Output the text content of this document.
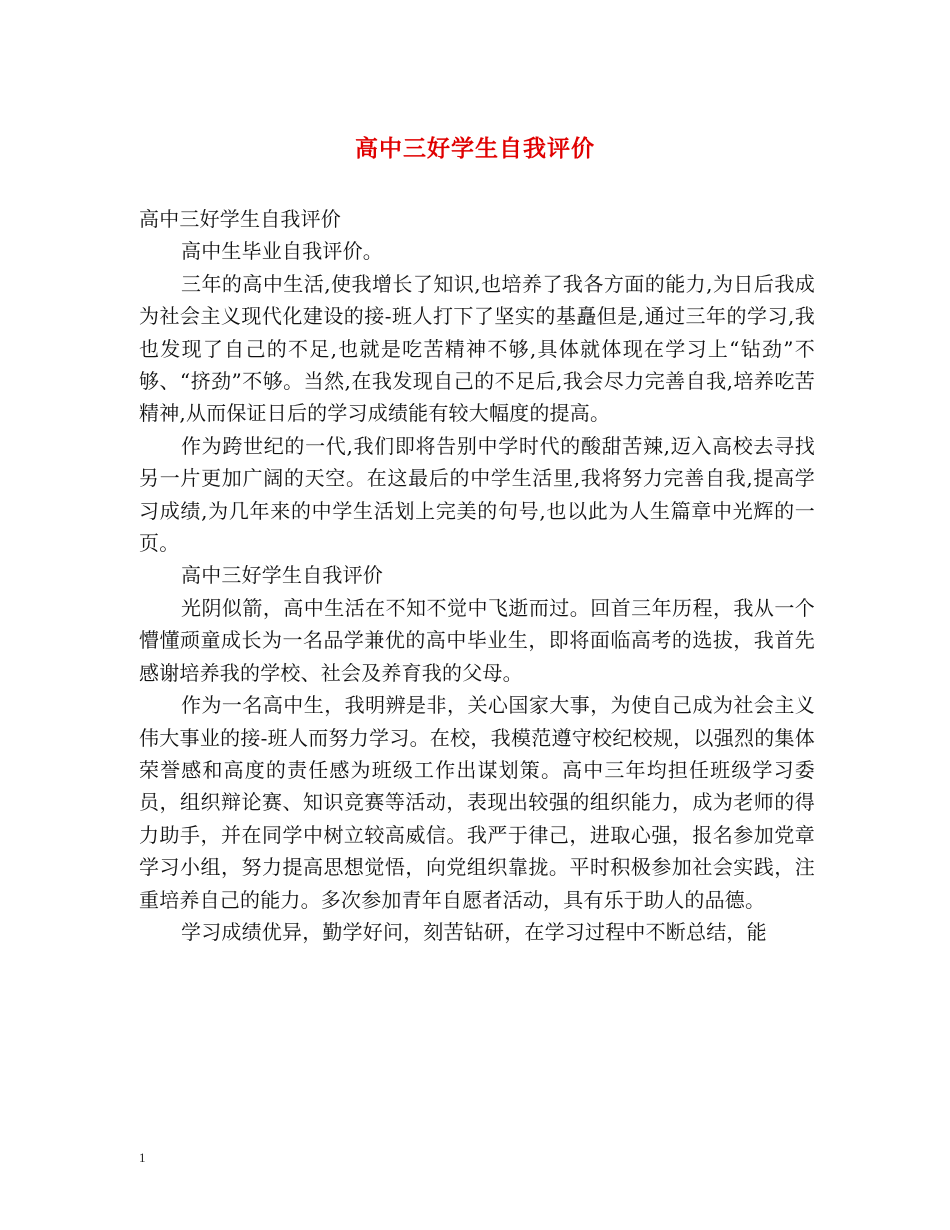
高中三好学生自我评价

高中三好学生自我评价

高中生毕业自我评价。

三年的高中生活,使我增长了知识,也培养了我各方面的能力,为日后我成为社会主义现代化建设的接-班人打下了坚实的基矗但是,通过三年的学习,我也发现了自己的不足,也就是吃苦精神不够,具体就体现在学习上“钻劲”不够、“挤劲”不够。当然,在我发现自己的不足后,我会尽力完善自我,培养吃苦精神,从而保证日后的学习成绩能有较大幅度的提高。

作为跨世纪的一代,我们即将告别中学时代的酸甜苦辣,迈入高校去寻找另一片更加广阔的天空。在这最后的中学生活里,我将努力完善自我,提高学习成绩,为几年来的中学生活划上完美的句号,也以此为人生篇章中光辉的一页。

高中三好学生自我评价

光阴似箭，高中生活在不知不觉中飞逝而过。回首三年历程，我从一个懵懂顽童成长为一名品学兼优的高中毕业生，即将面临高考的选拔，我首先感谢培养我的学校、社会及养育我的父母。

作为一名高中生，我明辨是非，关心国家大事，为使自己成为社会主义伟大事业的接-班人而努力学习。在校，我模范遵守校纪校规，以强烈的集体荣誉感和高度的责任感为班级工作出谋划策。高中三年均担任班级学习委员，组织辩论赛、知识竞赛等活动，表现出较强的组织能力，成为老师的得力助手，并在同学中树立较高威信。我严于律己，进取心强，报名参加党章学习小组，努力提高思想觉悟，向党组织靠拢。平时积极参加社会实践，注重培养自己的能力。多次参加青年自愿者活动，具有乐于助人的品德。

学习成绩优异，勤学好问，刻苦钻研，在学习过程中不断总结，能

1
